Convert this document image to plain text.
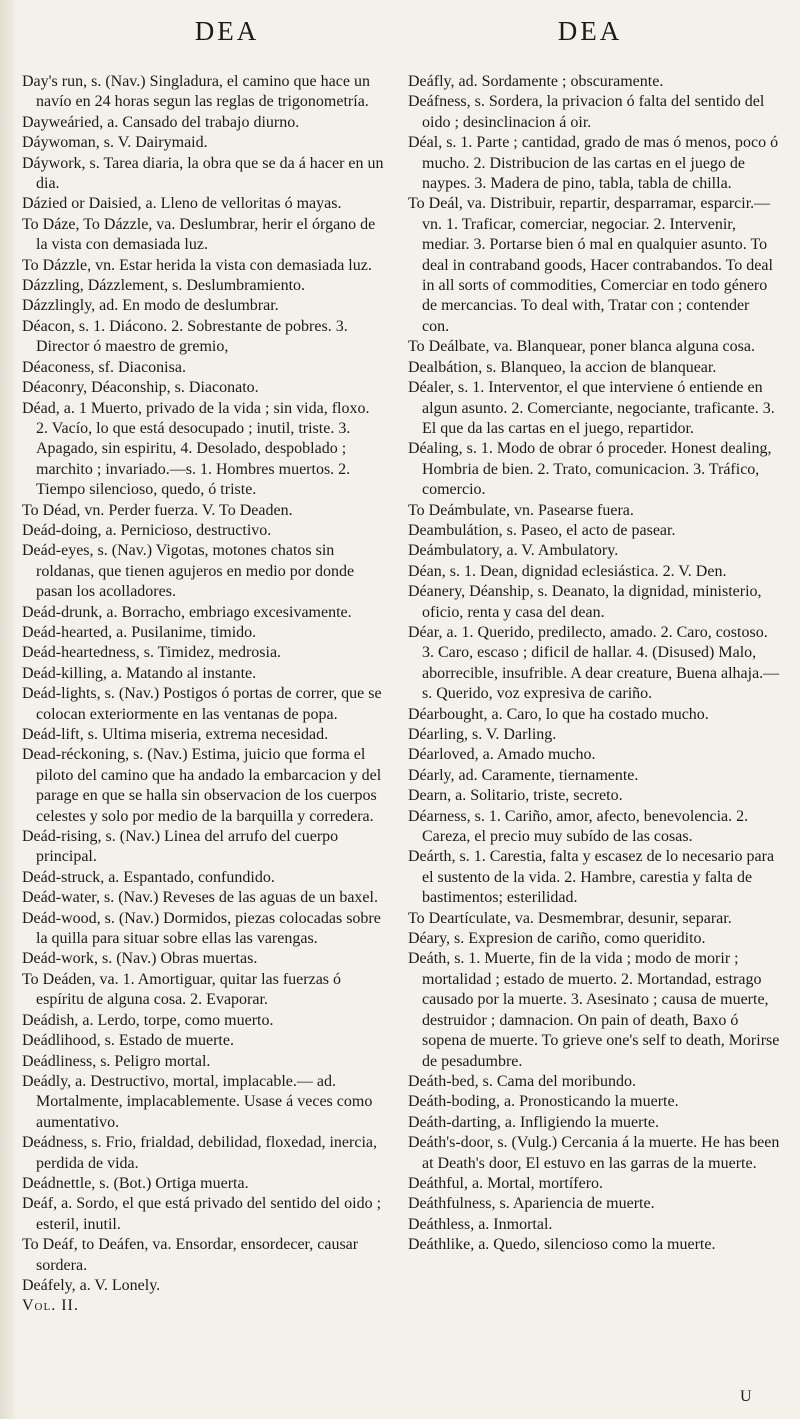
DEA	DEA

Day's run, s. (Nav.) Singladura, el camino que hace un navío en 24 horas segun las reglas de trigonometría.

Dayweáried, a. Cansado del trabajo diurno.

Dáywoman, s. V. Dairymaid.

Dáywork, s. Tarea diaria, la obra que se da á hacer en un dia.

Dázied or Daisied, a. Lleno de velloritas ó mayas.

To Dáze, To Dázzle, va. Deslumbrar, herir el órgano de la vista con demasiada luz.

To Dázzle, vn. Estar herida la vista con demasiada luz.

Dázzling, Dázzlement, s. Deslumbramiento.

Dázzlingly, ad. En modo de deslumbrar.

Déacon, s. 1. Diácono. 2. Sobrestante de pobres. 3. Director ó maestro de gremio,

Déaconess, sf. Diaconisa.

Déaconry, Déaconship, s. Diaconato.

Déad, a. 1 Muerto, privado de la vida ; sin vida, floxo. 2. Vacío, lo que está desocupado ; inutil, triste. 3. Apagado, sin espiritu, 4. Desolado, despoblado ; marchito ; invariado.—s. 1. Hombres muertos. 2. Tiempo silencioso, quedo, ó triste.

To Déad, vn. Perder fuerza. V. To Deaden.

Deád-doing, a. Pernicioso, destructivo.

Deád-eyes, s. (Nav.) Vigotas, motones chatos sin roldanas, que tienen agujeros en medio por donde pasan los acolladores.

Deád-drunk, a. Borracho, embriago excesivamente.

Deád-hearted, a. Pusilanime, timido.

Deád-heartedness, s. Timidez, medrosia.

Deád-killing, a. Matando al instante.

Deád-lights, s. (Nav.) Postigos ó portas de correr, que se colocan exteriormente en las ventanas de popa.

Deád-lift, s. Ultima miseria, extrema necesidad.

Dead-réckoning, s. (Nav.) Estima, juicio que forma el piloto del camino que ha andado la embarcacion y del parage en que se halla sin observacion de los cuerpos celestes y solo por medio de la barquilla y corredera.

Deád-rising, s. (Nav.) Linea del arrufo del cuerpo principal.

Deád-struck, a. Espantado, confundido.

Deád-water, s. (Nav.) Reveses de las aguas de un baxel.

Deád-wood, s. (Nav.) Dormidos, piezas colocadas sobre la quilla para situar sobre ellas las varengas.

Deád-work, s. (Nav.) Obras muertas.

To Deáden, va. 1. Amortiguar, quitar las fuerzas ó espíritu de alguna cosa. 2. Evaporar.

Deádish, a. Lerdo, torpe, como muerto.

Deádlihood, s. Estado de muerte.

Deádliness, s. Peligro mortal.

Deádly, a. Destructivo, mortal, implacable.— ad. Mortalmente, implacablemente. Usase á veces como aumentativo.

Deádness, s. Frio, frialdad, debilidad, floxedad, inercia, perdida de vida.

Deádnettle, s. (Bot.) Ortiga muerta.

Deáf, a. Sordo, el que está privado del sentido del oido ; esteril, inutil.

To Deáf, to Deáfen, va. Ensordar, ensordecer, causar sordera.

Deáfely, a. V. Lonely.

Vol. II.

Deáfly, ad. Sordamente ; obscuramente.

Deáfness, s. Sordera, la privacion ó falta del sentido del oido ; desinclinacion á oir.

Déal, s. 1. Parte ; cantidad, grado de mas ó menos, poco ó mucho. 2. Distribucion de las cartas en el juego de naypes. 3. Madera de pino, tabla, tabla de chilla.

To Deál, va. Distribuir, repartir, desparramar, esparcir.—vn. 1. Traficar, comerciar, negociar. 2. Intervenir, mediar. 3. Portarse bien ó mal en qualquier asunto. To deal in contraband goods, Hacer contrabandos. To deal in all sorts of commodities, Comerciar en todo género de mercancias. To deal with, Tratar con ; contender con.

To Deálbate, va. Blanquear, poner blanca alguna cosa.

Dealbátion, s. Blanqueo, la accion de blanquear.

Déaler, s. 1. Interventor, el que interviene ó entiende en algun asunto. 2. Comerciante, negociante, traficante. 3. El que da las cartas en el juego, repartidor.

Déaling, s. 1. Modo de obrar ó proceder. Honest dealing, Hombria de bien. 2. Trato, comunicacion. 3. Tráfico, comercio.

To Deámbulate, vn. Pasearse fuera.

Deambulátion, s. Paseo, el acto de pasear.

Deámbulatory, a. V. Ambulatory.

Déan, s. 1. Dean, dignidad eclesiástica. 2. V. Den.

Déanery, Déanship, s. Deanato, la dignidad, ministerio, oficio, renta y casa del dean.

Déar, a. 1. Querido, predilecto, amado. 2. Caro, costoso. 3. Caro, escaso ; dificil de hallar. 4. (Disused) Malo, aborrecible, insufrible. A dear creature, Buena alhaja.—s. Querido, voz expresiva de cariño.

Déarbought, a. Caro, lo que ha costado mucho.

Déarling, s. V. Darling.

Déarloved, a. Amado mucho.

Déarly, ad. Caramente, tiernamente.

Dearn, a. Solitario, triste, secreto.

Déarness, s. 1. Cariño, amor, afecto, benevolencia. 2. Careza, el precio muy subído de las cosas.

Deárth, s. 1. Carestia, falta y escasez de lo necesario para el sustento de la vida. 2. Hambre, carestia y falta de bastimentos; esterilidad.

To Deartículate, va. Desmembrar, desunir, separar.

Déary, s. Expresion de cariño, como queridito.

Deáth, s. 1. Muerte, fin de la vida ; modo de morir ; mortalidad ; estado de muerto. 2. Mortandad, estrago causado por la muerte. 3. Asesinato ; causa de muerte, destruidor ; damnacion. On pain of death, Baxo ó sopena de muerte. To grieve one's self to death, Morirse de pesadumbre.

Deáth-bed, s. Cama del moribundo.

Deáth-boding, a. Pronosticando la muerte.

Deáth-darting, a. Infligiendo la muerte.

Deáth's-door, s. (Vulg.) Cercania á la muerte. He has been at Death's door, El estuvo en las garras de la muerte.

Deáthful, a. Mortal, mortífero.

Deáthfulness, s. Apariencia de muerte.

Deáthless, a. Inmortal.

Deáthlike, a. Quedo, silencioso como la muerte.

U
